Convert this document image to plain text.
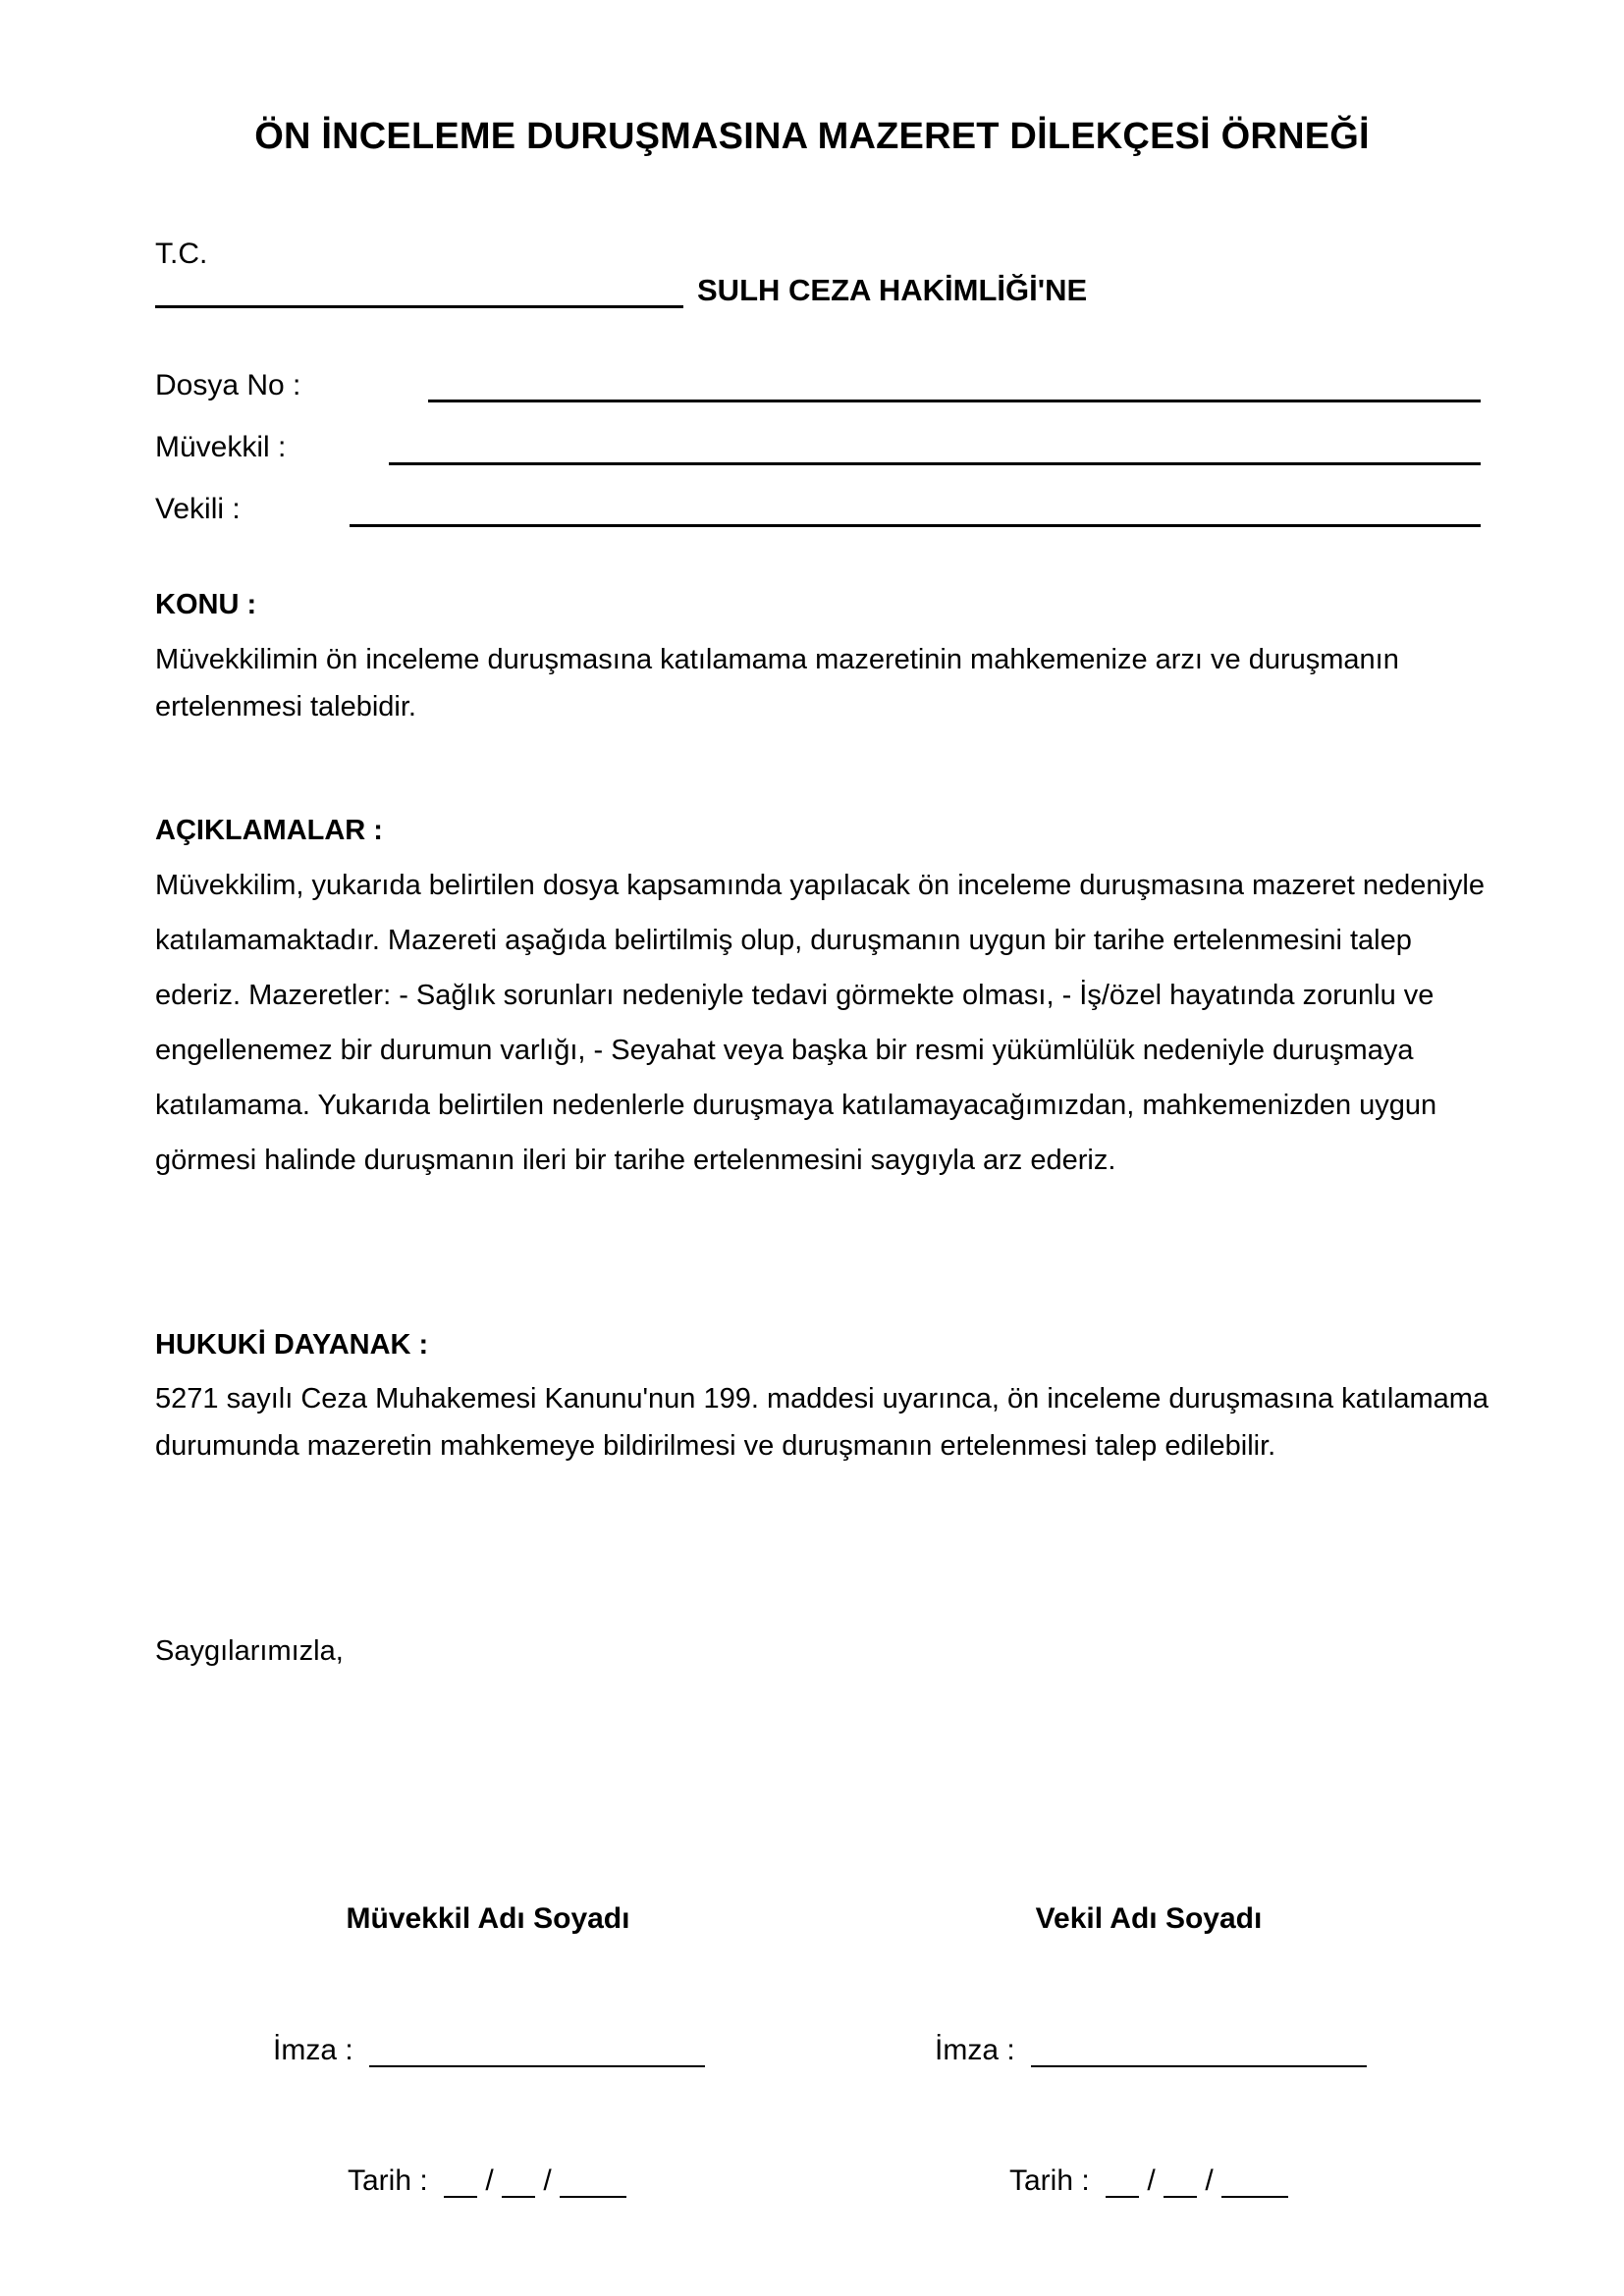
ÖN İNCELEME DURUŞMASINA MAZERET DİLEKÇESİ ÖRNEĞİ
T.C.
SULH CEZA HAKİMLİĞİ'NE
Dosya No :
Müvekkil :
Vekili :
KONU :

Müvekkilimin ön inceleme duruşmasına katılamama mazeretinin mahkemenize arzı ve duruşmanın ertelenmesi talebidir.

AÇIKLAMALAR :

Müvekkilim, yukarıda belirtilen dosya kapsamında yapılacak ön inceleme duruşmasına mazeret nedeniyle katılamamaktadır. Mazereti aşağıda belirtilmiş olup, duruşmanın uygun bir tarihe ertelenmesini talep ederiz. Mazeretler: - Sağlık sorunları nedeniyle tedavi görmekte olması, - İş/özel hayatında zorunlu ve engellenemez bir durumun varlığı, - Seyahat veya başka bir resmi yükümlülük nedeniyle duruşmaya katılamama. Yukarıda belirtilen nedenlerle duruşmaya katılamayacağımızdan, mahkemenizden uygun görmesi halinde duruşmanın ileri bir tarihe ertelenmesini saygıyla arz ederiz.

HUKUKİ DAYANAK :

5271 sayılı Ceza Muhakemesi Kanunu'nun 199. maddesi uyarınca, ön inceleme duruşmasına katılamama durumunda mazeretin mahkemeye bildirilmesi ve duruşmanın ertelenmesi talep edilebilir.

Saygılarımızla,
Müvekkil Adı Soyadı
İmza :
Tarih : / /
Vekil Adı Soyadı
İmza :
Tarih : / /
